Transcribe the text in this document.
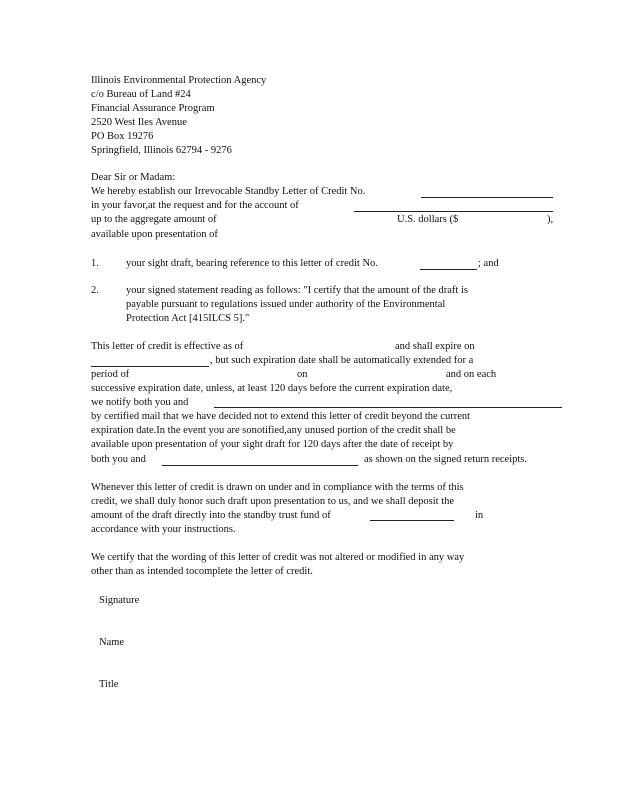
Illinois Environmental Protection Agency
c/o Bureau of Land #24
Financial Assurance Program
2520 West Iles Avenue
PO Box 19276
Springfield, Illinois 62794 - 9276
Dear Sir or Madam:
We hereby establish our Irrevocable Standby Letter of Credit No.
in your favor,at the request and for the account of
up to the aggregate amount of	U.S. dollars ($	),
available upon presentation of
1.	your sight draft, bearing reference to this letter of credit No.	; and
2.	your signed statement reading as follows: "I certify that the amount of the draft is
payable pursuant to regulations issued under authority of the Environmental
Protection Act [415ILCS 5]."
This letter of credit is effective as of	and shall expire on
, but such expiration date shall be automatically extended for a
period of	on	and on each
successive expiration date, unless, at least 120 days before the current expiration date,
we notify both you and
by certified mail that we have decided not to extend this letter of credit beyond the current
expiration date.In the event you are sonotified,any unused portion of the credit shall be
available upon presentation of your sight draft for 120 days after the date of receipt by
both you and	as shown on the signed return receipts.
Whenever this letter of credit is drawn on under and in compliance with the terms of this
credit, we shall duly honor such draft upon presentation to us, and we shall deposit the
amount of the draft directly into the standby trust fund of	in
accordance with your instructions.
We certify that the wording of this letter of credit was not altered or modified in any way
other than as intended tocomplete the letter of credit.
Signature
Name
Title
